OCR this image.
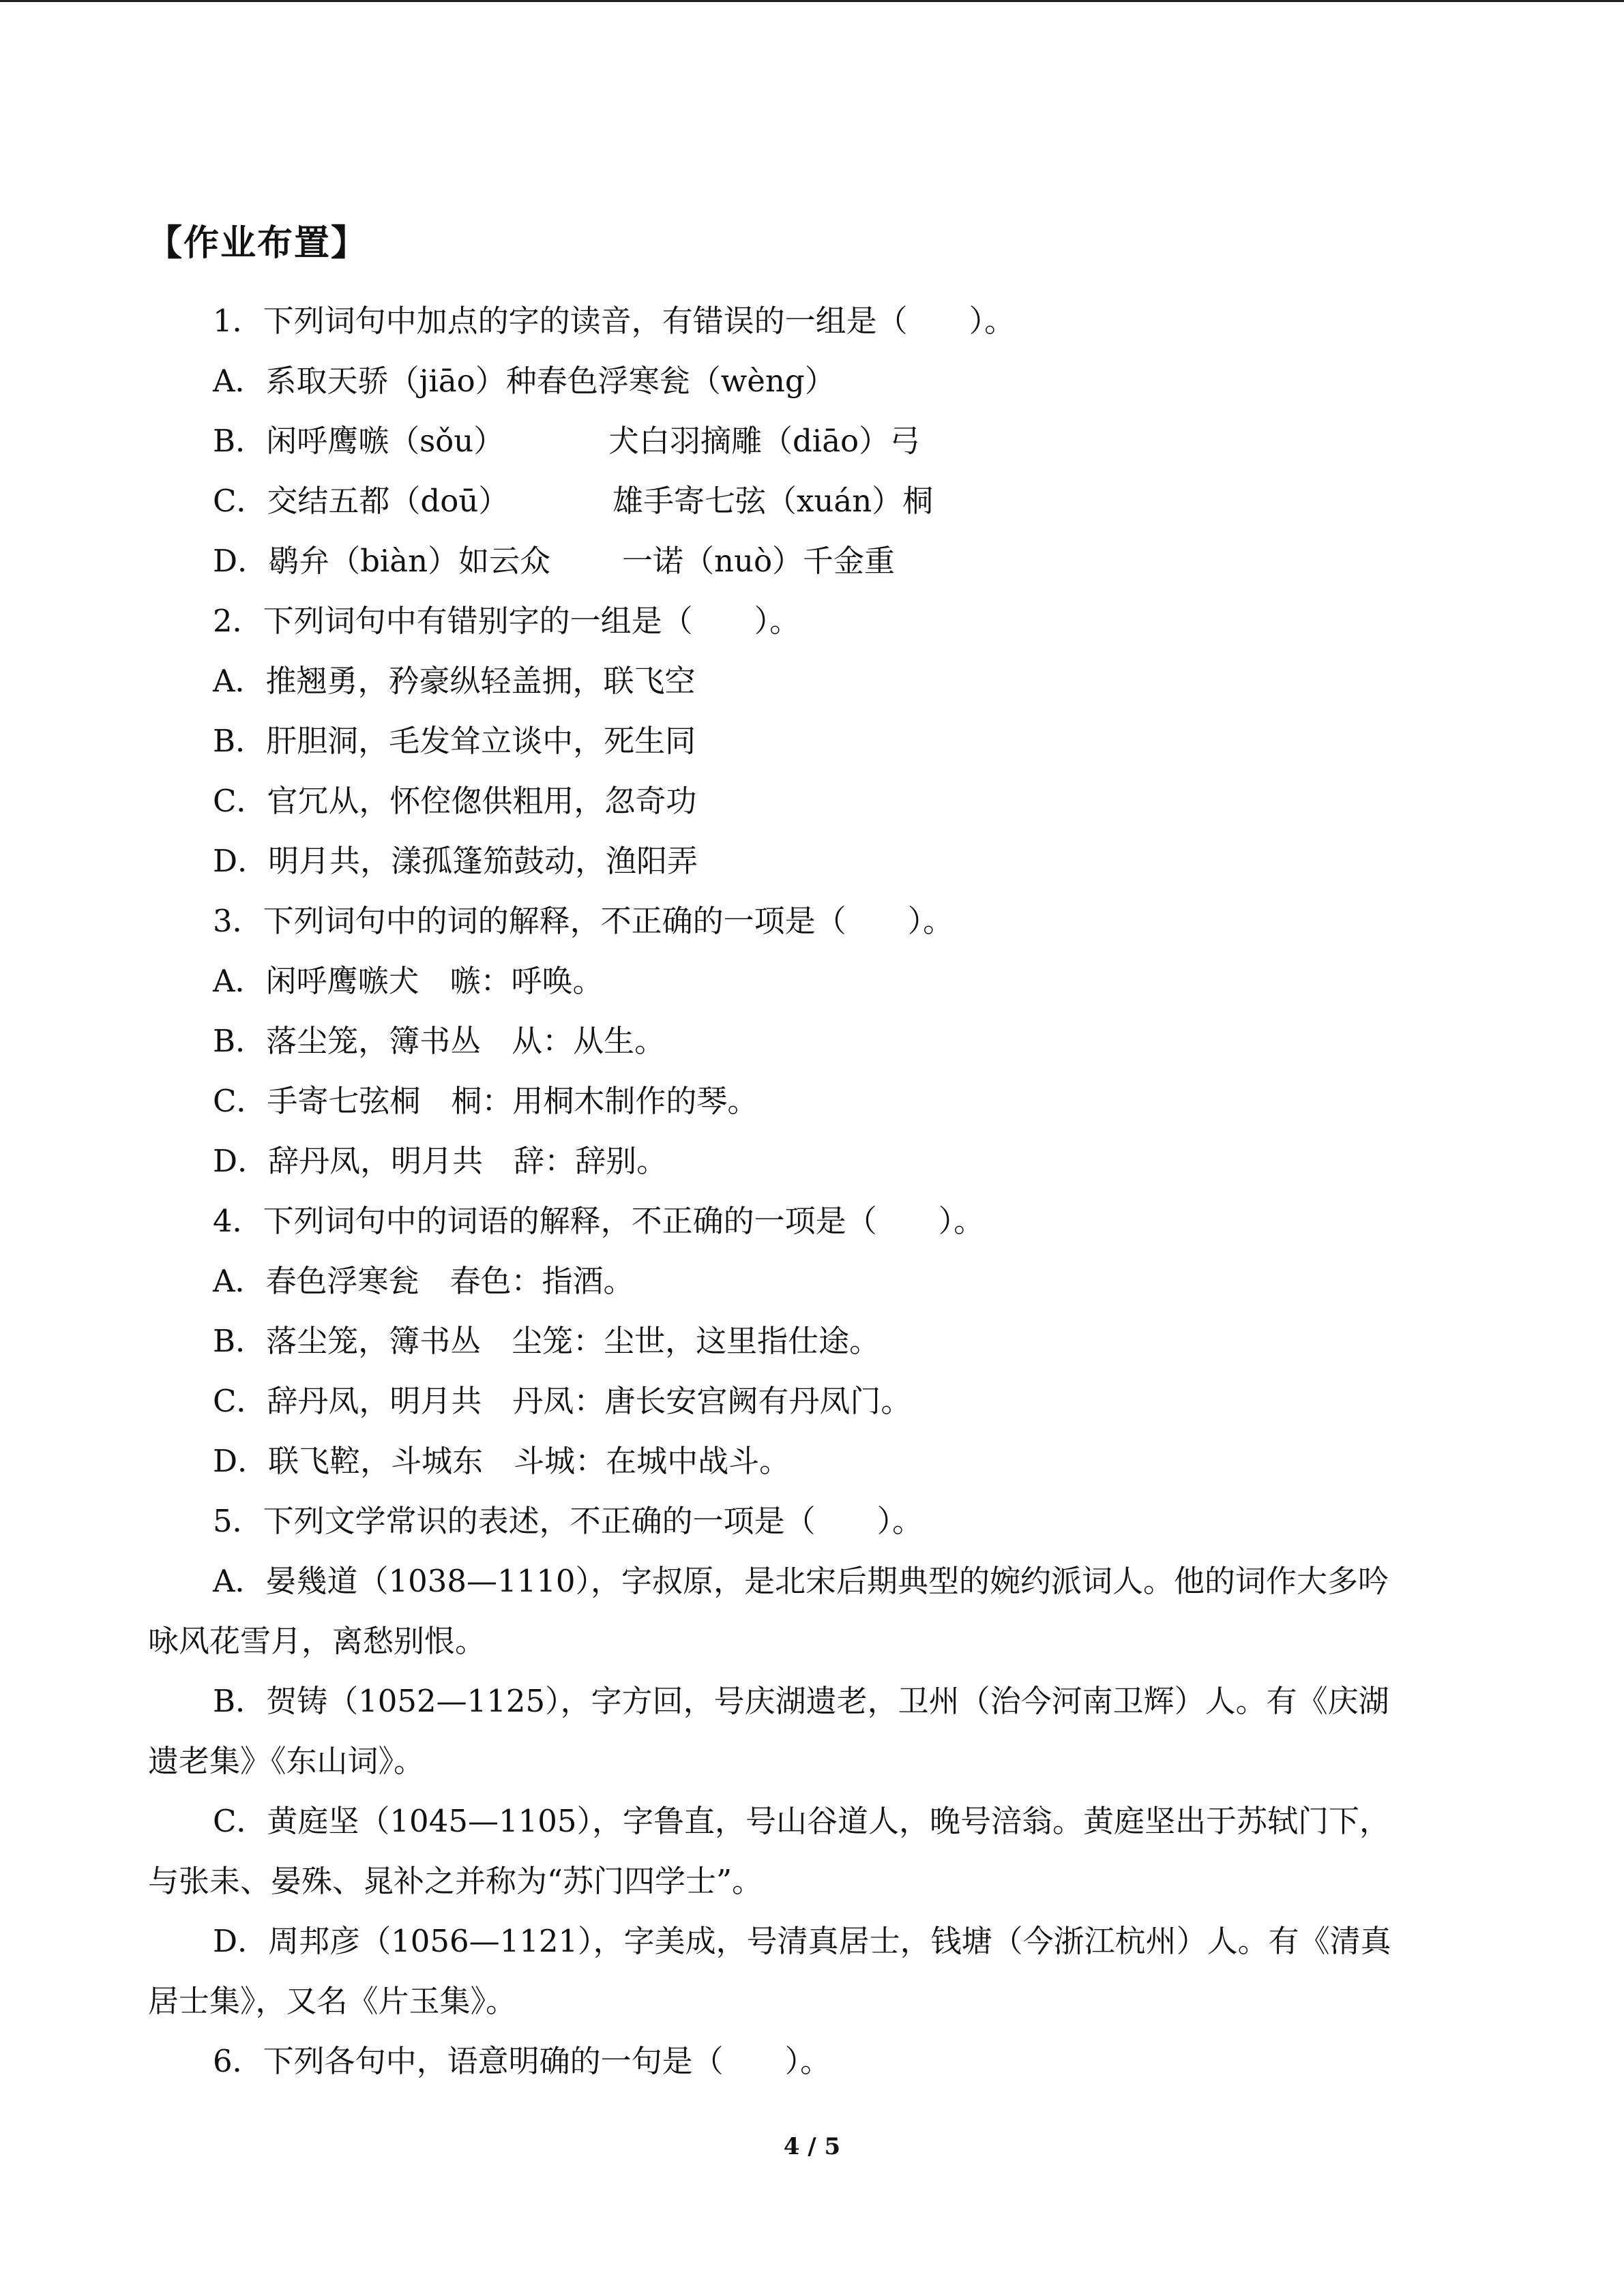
【作业布置】
1．下列词句中加点的字的读音，有错误的一组是（　　）。
A．系取天骄（jiāo）种春色浮寒瓮（wèng）
B．闲呼鹰嗾（sǒu）	犬白羽摘雕（diāo）弓
C．交结五都（doū）	雄手寄七弦（xuán）桐
D．鹖弁（biàn）如云众 一诺（nuò）千金重
2．下列词句中有错别字的一组是（　　）。
A．推翘勇，矜豪纵轻盖拥，联飞空
B．肝胆洞，毛发耸立谈中，死生同
C．官冗从，怀倥偬供粗用，忽奇功
D．明月共，漾孤篷笳鼓动，渔阳弄
3．下列词句中的词的解释，不正确的一项是（　　）。
A．闲呼鹰嗾犬　嗾：呼唤。
B．落尘笼，簿书丛　从：从生。
C．手寄七弦桐　桐：用桐木制作的琴。
D．辞丹凤，明月共　辞：辞别。
4．下列词句中的词语的解释，不正确的一项是（　　）。
A．春色浮寒瓮　春色：指酒。
B．落尘笼，簿书丛　尘笼：尘世，这里指仕途。
C．辞丹凤，明月共　丹凤：唐长安宫阙有丹凤门。
D．联飞鞚，斗城东　斗城：在城中战斗。
5．下列文学常识的表述，不正确的一项是（　　）。
A．晏幾道（1038—1110），字叔原，是北宋后期典型的婉约派词人。他的词作大多吟
咏风花雪月，离愁别恨。
B．贺铸（1052—1125），字方回，号庆湖遗老，卫州（治今河南卫辉）人。有《庆湖
遗老集》《东山词》。
C．黄庭坚（1045—1105），字鲁直，号山谷道人，晚号涪翁。黄庭坚出于苏轼门下，
与张耒、晏殊、晁补之并称为“苏门四学士”。
D．周邦彦（1056—1121），字美成，号清真居士，钱塘（今浙江杭州）人。有《清真
居士集》，又名《片玉集》。
6．下列各句中，语意明确的一句是（　　）。
4 / 5
